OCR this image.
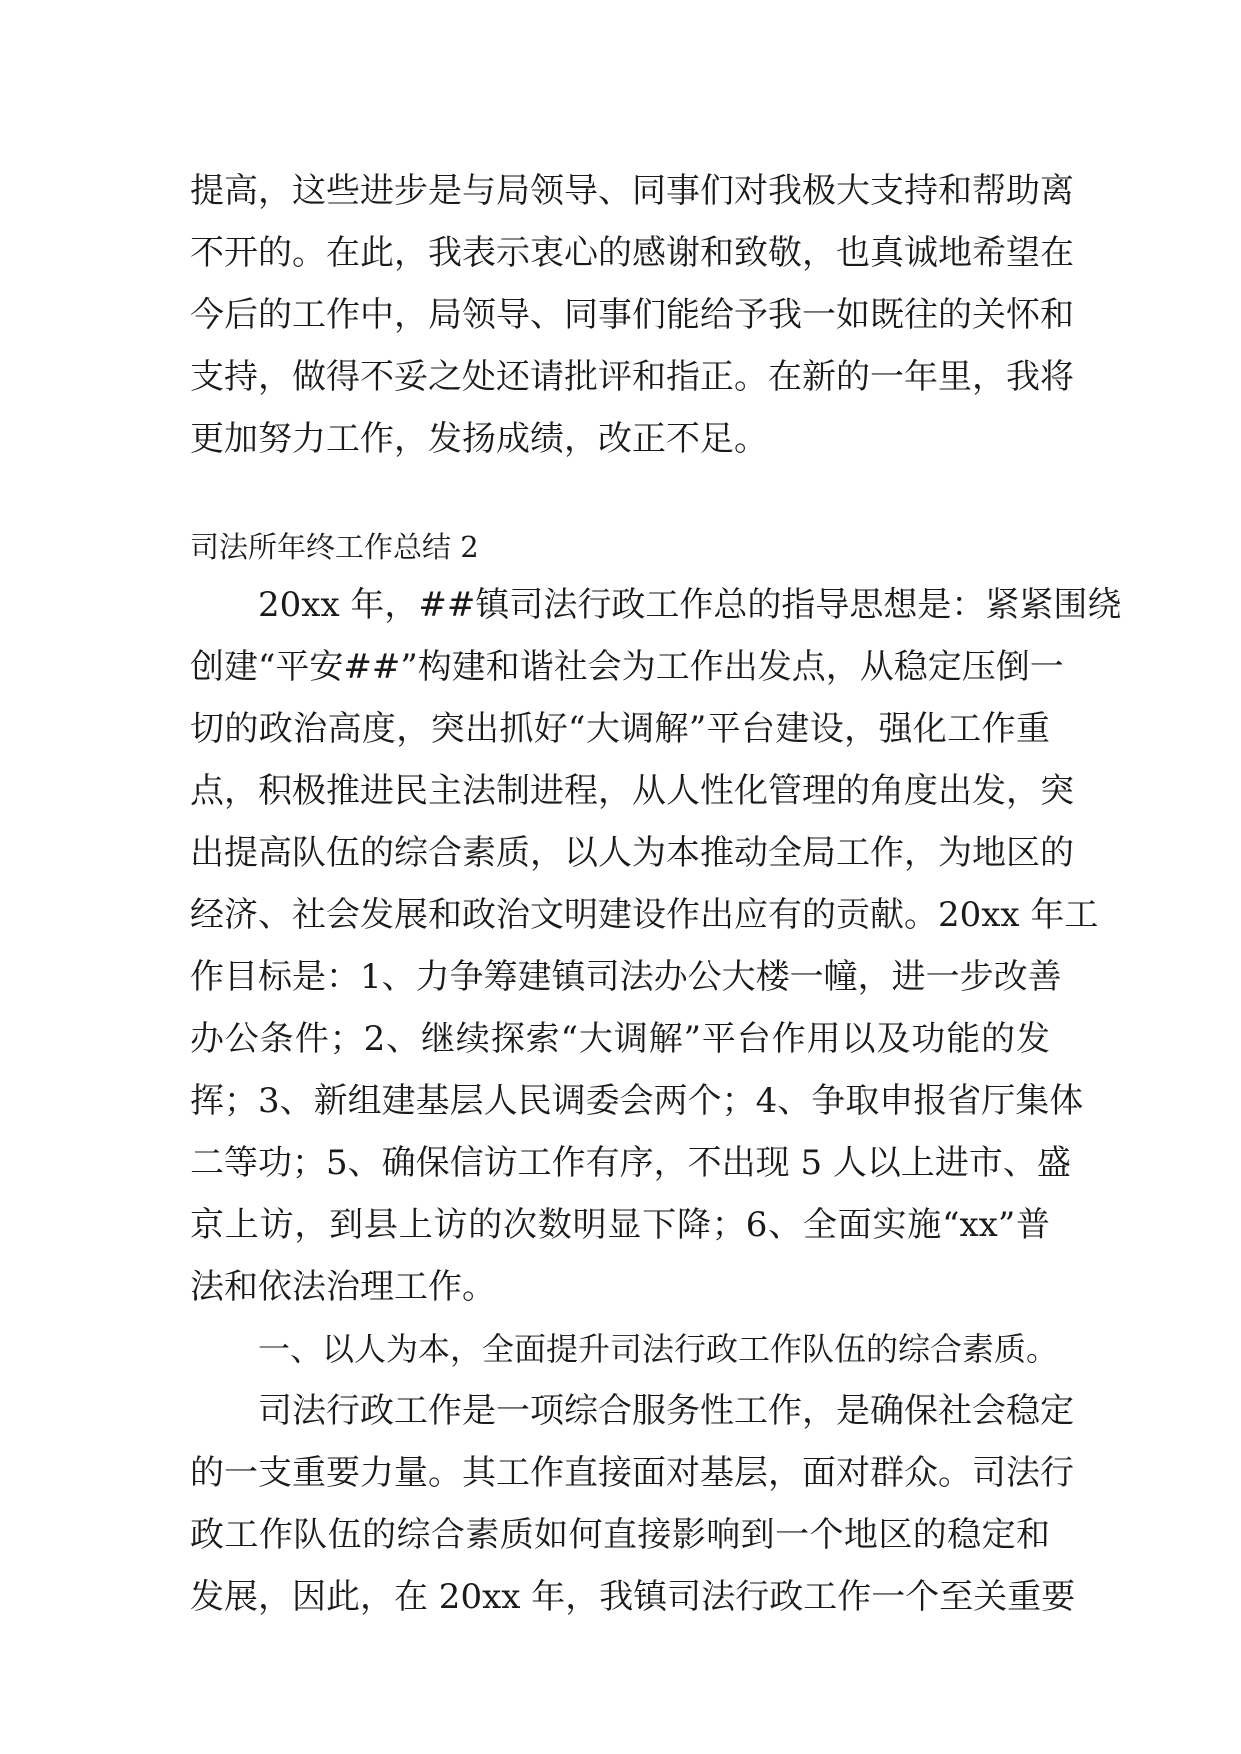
提高，这些进步是与局领导、同事们对我极大支持和帮助离
不开的。在此，我表示衷心的感谢和致敬，也真诚地希望在
今后的工作中，局领导、同事们能给予我一如既往的关怀和
支持，做得不妥之处还请批评和指正。在新的一年里，我将
更加努力工作，发扬成绩，改正不足。
司法所年终工作总结 2
20xx 年，##镇司法行政工作总的指导思想是：紧紧围绕
创建“平安##”构建和谐社会为工作出发点，从稳定压倒一
切的政治高度，突出抓好“大调解”平台建设，强化工作重
点，积极推进民主法制进程，从人性化管理的角度出发，突
出提高队伍的综合素质，以人为本推动全局工作，为地区的
经济、社会发展和政治文明建设作出应有的贡献。20xx 年工
作目标是：1、力争筹建镇司法办公大楼一幢，进一步改善
办公条件；2、继续探索“大调解”平台作用以及功能的发
挥；3、新组建基层人民调委会两个；4、争取申报省厅集体
二等功；5、确保信访工作有序，不出现 5 人以上进市、盛
京上访，到县上访的次数明显下降；6、全面实施“xx”普
法和依法治理工作。
一、以人为本，全面提升司法行政工作队伍的综合素质。
司法行政工作是一项综合服务性工作，是确保社会稳定
的一支重要力量。其工作直接面对基层，面对群众。司法行
政工作队伍的综合素质如何直接影响到一个地区的稳定和
发展，因此，在 20xx 年，我镇司法行政工作一个至关重要
